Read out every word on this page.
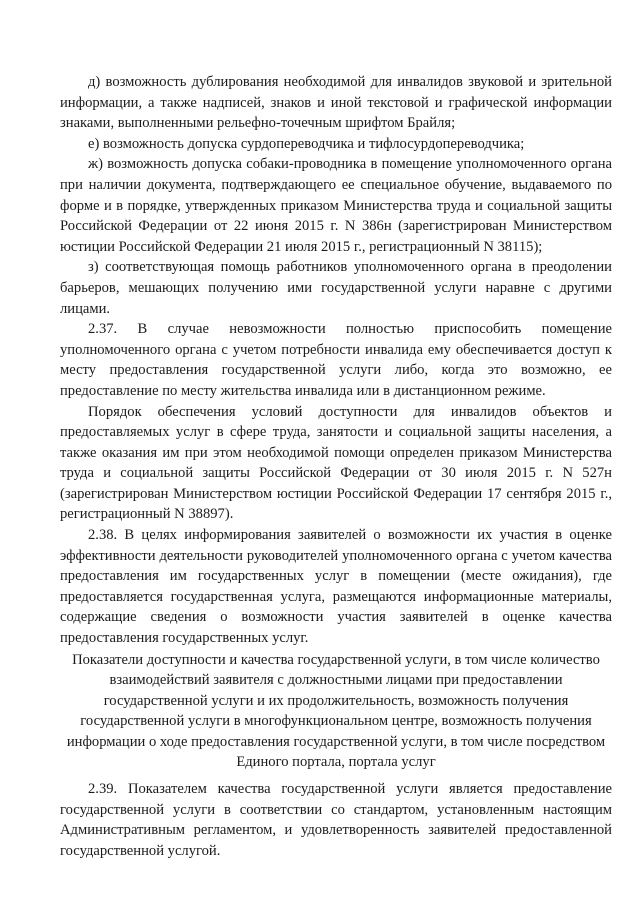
д) возможность дублирования необходимой для инвалидов звуковой и зрительной информации, а также надписей, знаков и иной текстовой и графической информации знаками, выполненными рельефно-точечным шрифтом Брайля;

е) возможность допуска сурдопереводчика и тифлосурдопереводчика;

ж) возможность допуска собаки-проводника в помещение уполномоченного органа при наличии документа, подтверждающего ее специальное обучение, выдаваемого по форме и в порядке, утвержденных приказом Министерства труда и социальной защиты Российской Федерации от 22 июня 2015 г. N 386н (зарегистрирован Министерством юстиции Российской Федерации 21 июля 2015 г., регистрационный N 38115);

з) соответствующая помощь работников уполномоченного органа в преодолении барьеров, мешающих получению ими государственной услуги наравне с другими лицами.

2.37. В случае невозможности полностью приспособить помещение уполномоченного органа с учетом потребности инвалида ему обеспечивается доступ к месту предоставления государственной услуги либо, когда это возможно, ее предоставление по месту жительства инвалида или в дистанционном режиме.

Порядок обеспечения условий доступности для инвалидов объектов и предоставляемых услуг в сфере труда, занятости и социальной защиты населения, а также оказания им при этом необходимой помощи определен приказом Министерства труда и социальной защиты Российской Федерации от 30 июля 2015 г. N 527н (зарегистрирован Министерством юстиции Российской Федерации 17 сентября 2015 г., регистрационный N 38897).

2.38. В целях информирования заявителей о возможности их участия в оценке эффективности деятельности руководителей уполномоченного органа с учетом качества предоставления им государственных услуг в помещении (месте ожидания), где предоставляется государственная услуга, размещаются информационные материалы, содержащие сведения о возможности участия заявителей в оценке качества предоставления государственных услуг.

Показатели доступности и качества государственной услуги, в том числе количество взаимодействий заявителя с должностными лицами при предоставлении государственной услуги и их продолжительность, возможность получения государственной услуги в многофункциональном центре, возможность получения информации о ходе предоставления государственной услуги, в том числе посредством Единого портала, портала услуг

2.39. Показателем качества государственной услуги является предоставление государственной услуги в соответствии со стандартом, установленным настоящим Административным регламентом, и удовлетворенность заявителей предоставленной государственной услугой.
